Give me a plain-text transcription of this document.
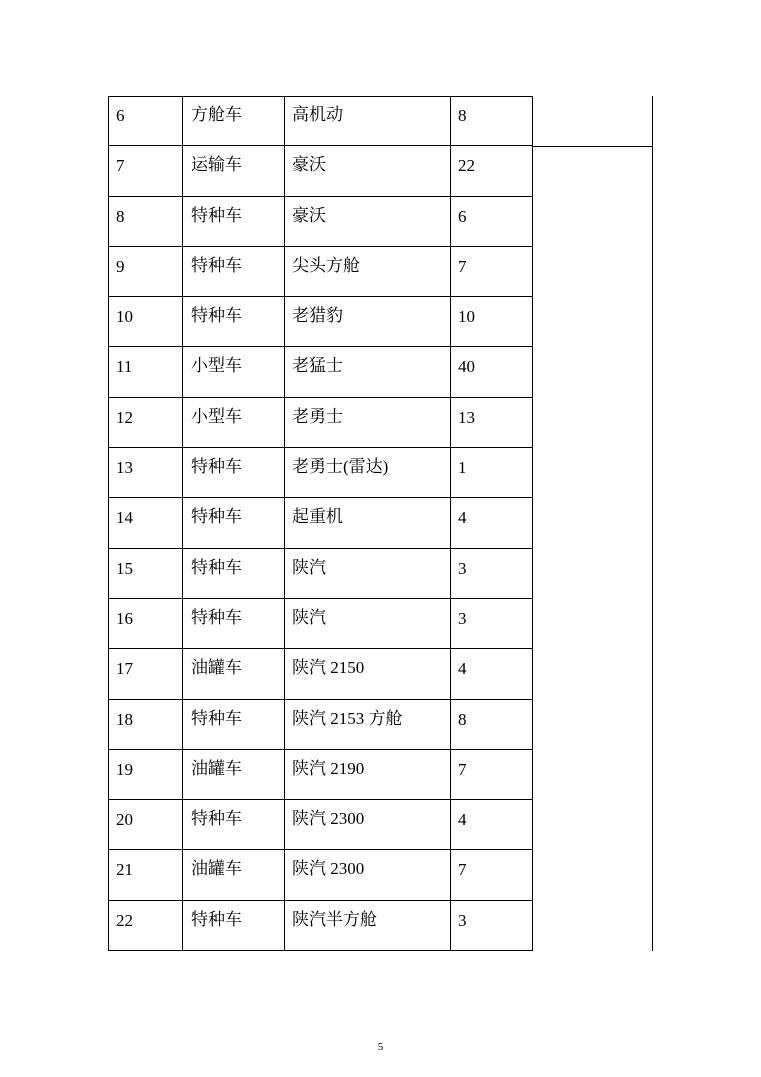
6	方舱车	高机动	8
7	运输车	豪沃	22
8	特种车	豪沃	6
9	特种车	尖头方舱	7
10	特种车	老猎豹	10
11	小型车	老猛士	40
12	小型车	老勇士	13
13	特种车	老勇士(雷达)	1
14	特种车	起重机	4
15	特种车	陕汽	3
16	特种车	陕汽	3
17	油罐车	陕汽 2150	4
18	特种车	陕汽 2153 方舱	8
19	油罐车	陕汽 2190	7
20	特种车	陕汽 2300	4
21	油罐车	陕汽 2300	7
22	特种车	陕汽半方舱	3
5
